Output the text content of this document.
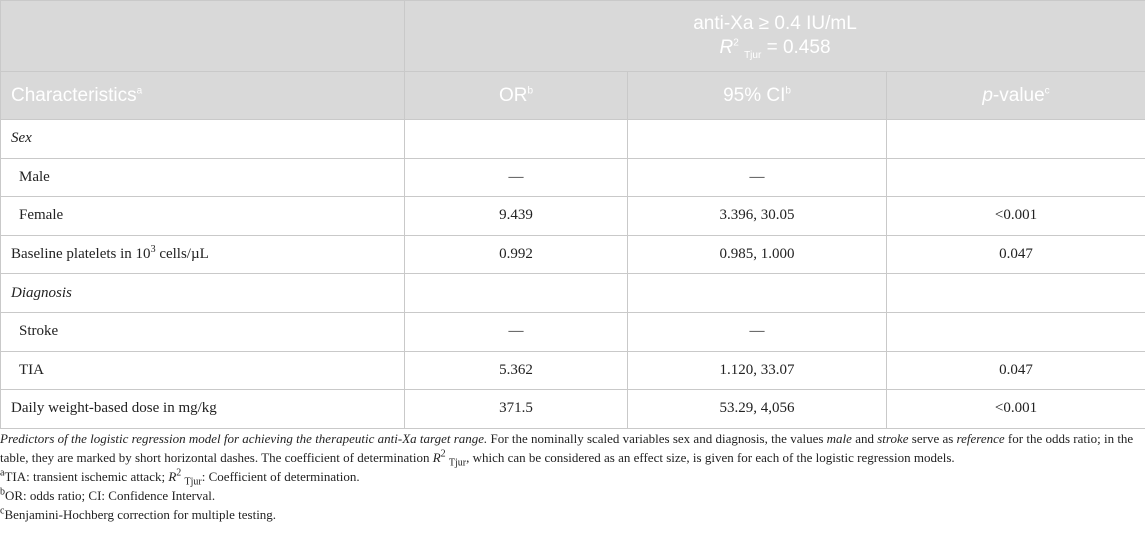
	anti-Xa ≥ 0.4 IU/mL
$R^2$ $_{Tjur}$ = 0.458		

Characteristics$^a$	$OR^b$	95% $CI^b$	p-value$^c$
Sex			
Male	—	—	
Female	9.439	3.396, 30.05	<0.001
Baseline platelets in $10^3$ cells/µL	0.992	0.985, 1.000	0.047
Diagnosis			
Stroke	—	—	
TIA	5.362	1.120, 33.07	0.047
Daily weight-based dose in mg/kg	371.5	53.29, 4,056	<0.001

Predictors of the logistic regression model for achieving the therapeutic anti-Xa target range. For the nominally scaled variables sex and diagnosis, the values male and stroke serve as reference for the odds ratio; in the table, they are marked by short horizontal dashes. The coefficient of determination $R^2$ $_{Tjur}$, which can be considered as an effect size, is given for each of the logistic regression models.

$^a$TIA: transient ischemic attack; $R^2$ $_{Tjur}$: Coefficient of determination.

$^b$OR: odds ratio; CI: Confidence Interval.

$^c$Benjamini-Hochberg correction for multiple testing.
